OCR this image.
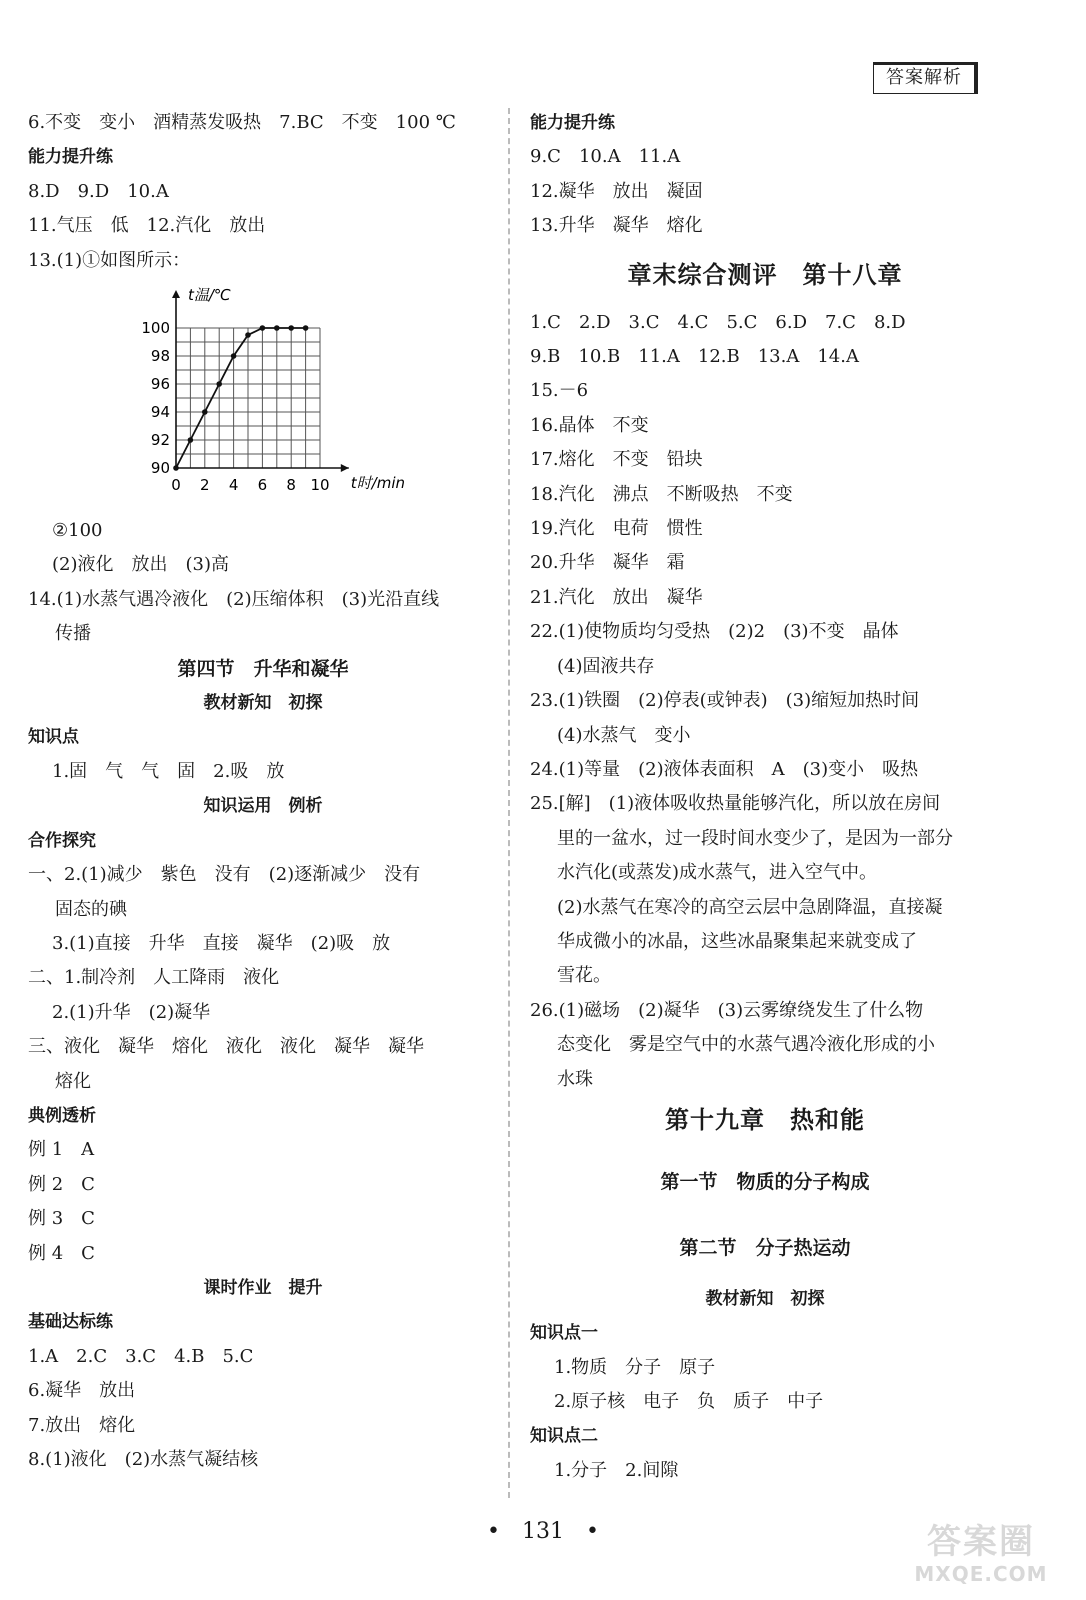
答案解析
6.不变　变小　酒精蒸发吸热　7.BC　不变　100 ℃
能力提升练
8.D　9.D　10.A
11.气压　低　12.汽化　放出
13.(1)①如图所示：
0 2 4 6 8 10
90
92
94
96
98
100
t时/min
t温/℃
②100
(2)液化　放出　(3)高
14.(1)水蒸气遇冷液化　(2)压缩体积　(3)光沿直线
传播
第四节　升华和凝华
教材新知　初探
知识点
1.固　气　气　固　2.吸　放
知识运用　例析
合作探究
一、2.(1)减少　紫色　没有　(2)逐渐减少　没有
固态的碘
3.(1)直接　升华　直接　凝华　(2)吸　放
二、1.制冷剂　人工降雨　液化
2.(1)升华　(2)凝华
三、液化　凝华　熔化　液化　液化　凝华　凝华
熔化
典例透析
例 1　A
例 2　C
例 3　C
例 4　C
课时作业　提升
基础达标练
1.A　2.C　3.C　4.B　5.C
6.凝华　放出
7.放出　熔化
8.(1)液化　(2)水蒸气凝结核
能力提升练
9.C　10.A　11.A
12.凝华　放出　凝固
13.升华　凝华　熔化
章末综合测评　第十八章
1.C　2.D　3.C　4.C　5.C　6.D　7.C　8.D
9.B　10.B　11.A　12.B　13.A　14.A
15.－6
16.晶体　不变
17.熔化　不变　铅块
18.汽化　沸点　不断吸热　不变
19.汽化　电荷　惯性
20.升华　凝华　霜
21.汽化　放出　凝华
22.(1)使物质均匀受热　(2)2　(3)不变　晶体
(4)固液共存
23.(1)铁圈　(2)停表(或钟表)　(3)缩短加热时间
(4)水蒸气　变小
24.(1)等量　(2)液体表面积　A　(3)变小　吸热
25.[解]　(1)液体吸收热量能够汽化，所以放在房间
里的一盆水，过一段时间水变少了，是因为一部分
水汽化(或蒸发)成水蒸气，进入空气中。
(2)水蒸气在寒冷的高空云层中急剧降温，直接凝
华成微小的冰晶，这些冰晶聚集起来就变成了
雪花。
26.(1)磁场　(2)凝华　(3)云雾缭绕发生了什么物
态变化　雾是空气中的水蒸气遇冷液化形成的小
水珠
第十九章　热和能
第一节　物质的分子构成
第二节　分子热运动
教材新知　初探
知识点一
1.物质　分子　原子
2.原子核　电子　负　质子　中子
知识点二
1.分子　2.间隙
•　131　•	答案圈
MXQE.COM
